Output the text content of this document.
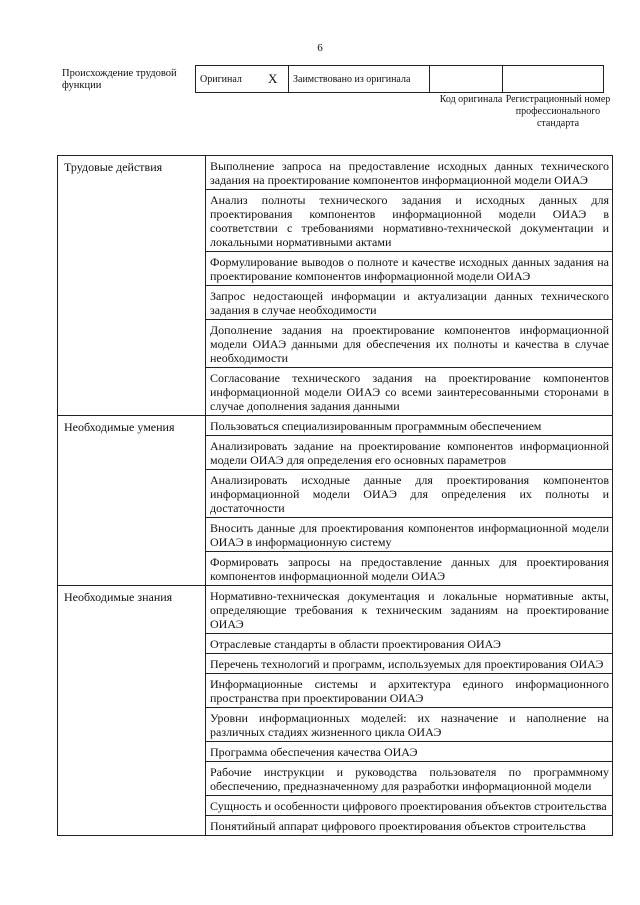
6
Происхождение трудовой функции
Оригинал X	Заимствовано из оригинала		
Код оригинала Регистрационный номер профессионального стандарта
Трудовые действия	Выполнение запроса на предоставление исходных данных технического задания на проектирование компонентов информационной модели ОИАЭ
	Анализ полноты технического задания и исходных данных для проектирования компонентов информационной модели ОИАЭ в соответствии с требованиями нормативно-технической документации и локальными нормативными актами
	Формулирование выводов о полноте и качестве исходных данных задания на проектирование компонентов информационной модели ОИАЭ
	Запрос недостающей информации и актуализации данных технического задания в случае необходимости
	Дополнение задания на проектирование компонентов информационной модели ОИАЭ данными для обеспечения их полноты и качества в случае необходимости
	Согласование технического задания на проектирование компонентов информационной модели ОИАЭ со всеми заинтересованными сторонами в случае дополнения задания данными
Необходимые умения	Пользоваться специализированным программным обеспечением
	Анализировать задание на проектирование компонентов информационной модели ОИАЭ для определения его основных параметров
	Анализировать исходные данные для проектирования компонентов информационной модели ОИАЭ для определения их полноты и достаточности
	Вносить данные для проектирования компонентов информационной модели ОИАЭ в информационную систему
	Формировать запросы на предоставление данных для проектирования компонентов информационной модели ОИАЭ
Необходимые знания	Нормативно-техническая документация и локальные нормативные акты, определяющие требования к техническим заданиям на проектирование ОИАЭ
	Отраслевые стандарты в области проектирования ОИАЭ
	Перечень технологий и программ, используемых для проектирования ОИАЭ
	Информационные системы и архитектура единого информационного пространства при проектировании ОИАЭ
	Уровни информационных моделей: их назначение и наполнение на различных стадиях жизненного цикла ОИАЭ
	Программа обеспечения качества ОИАЭ
	Рабочие инструкции и руководства пользователя по программному обеспечению, предназначенному для разработки информационной модели
	Сущность и особенности цифрового проектирования объектов строительства
	Понятийный аппарат цифрового проектирования объектов строительства
